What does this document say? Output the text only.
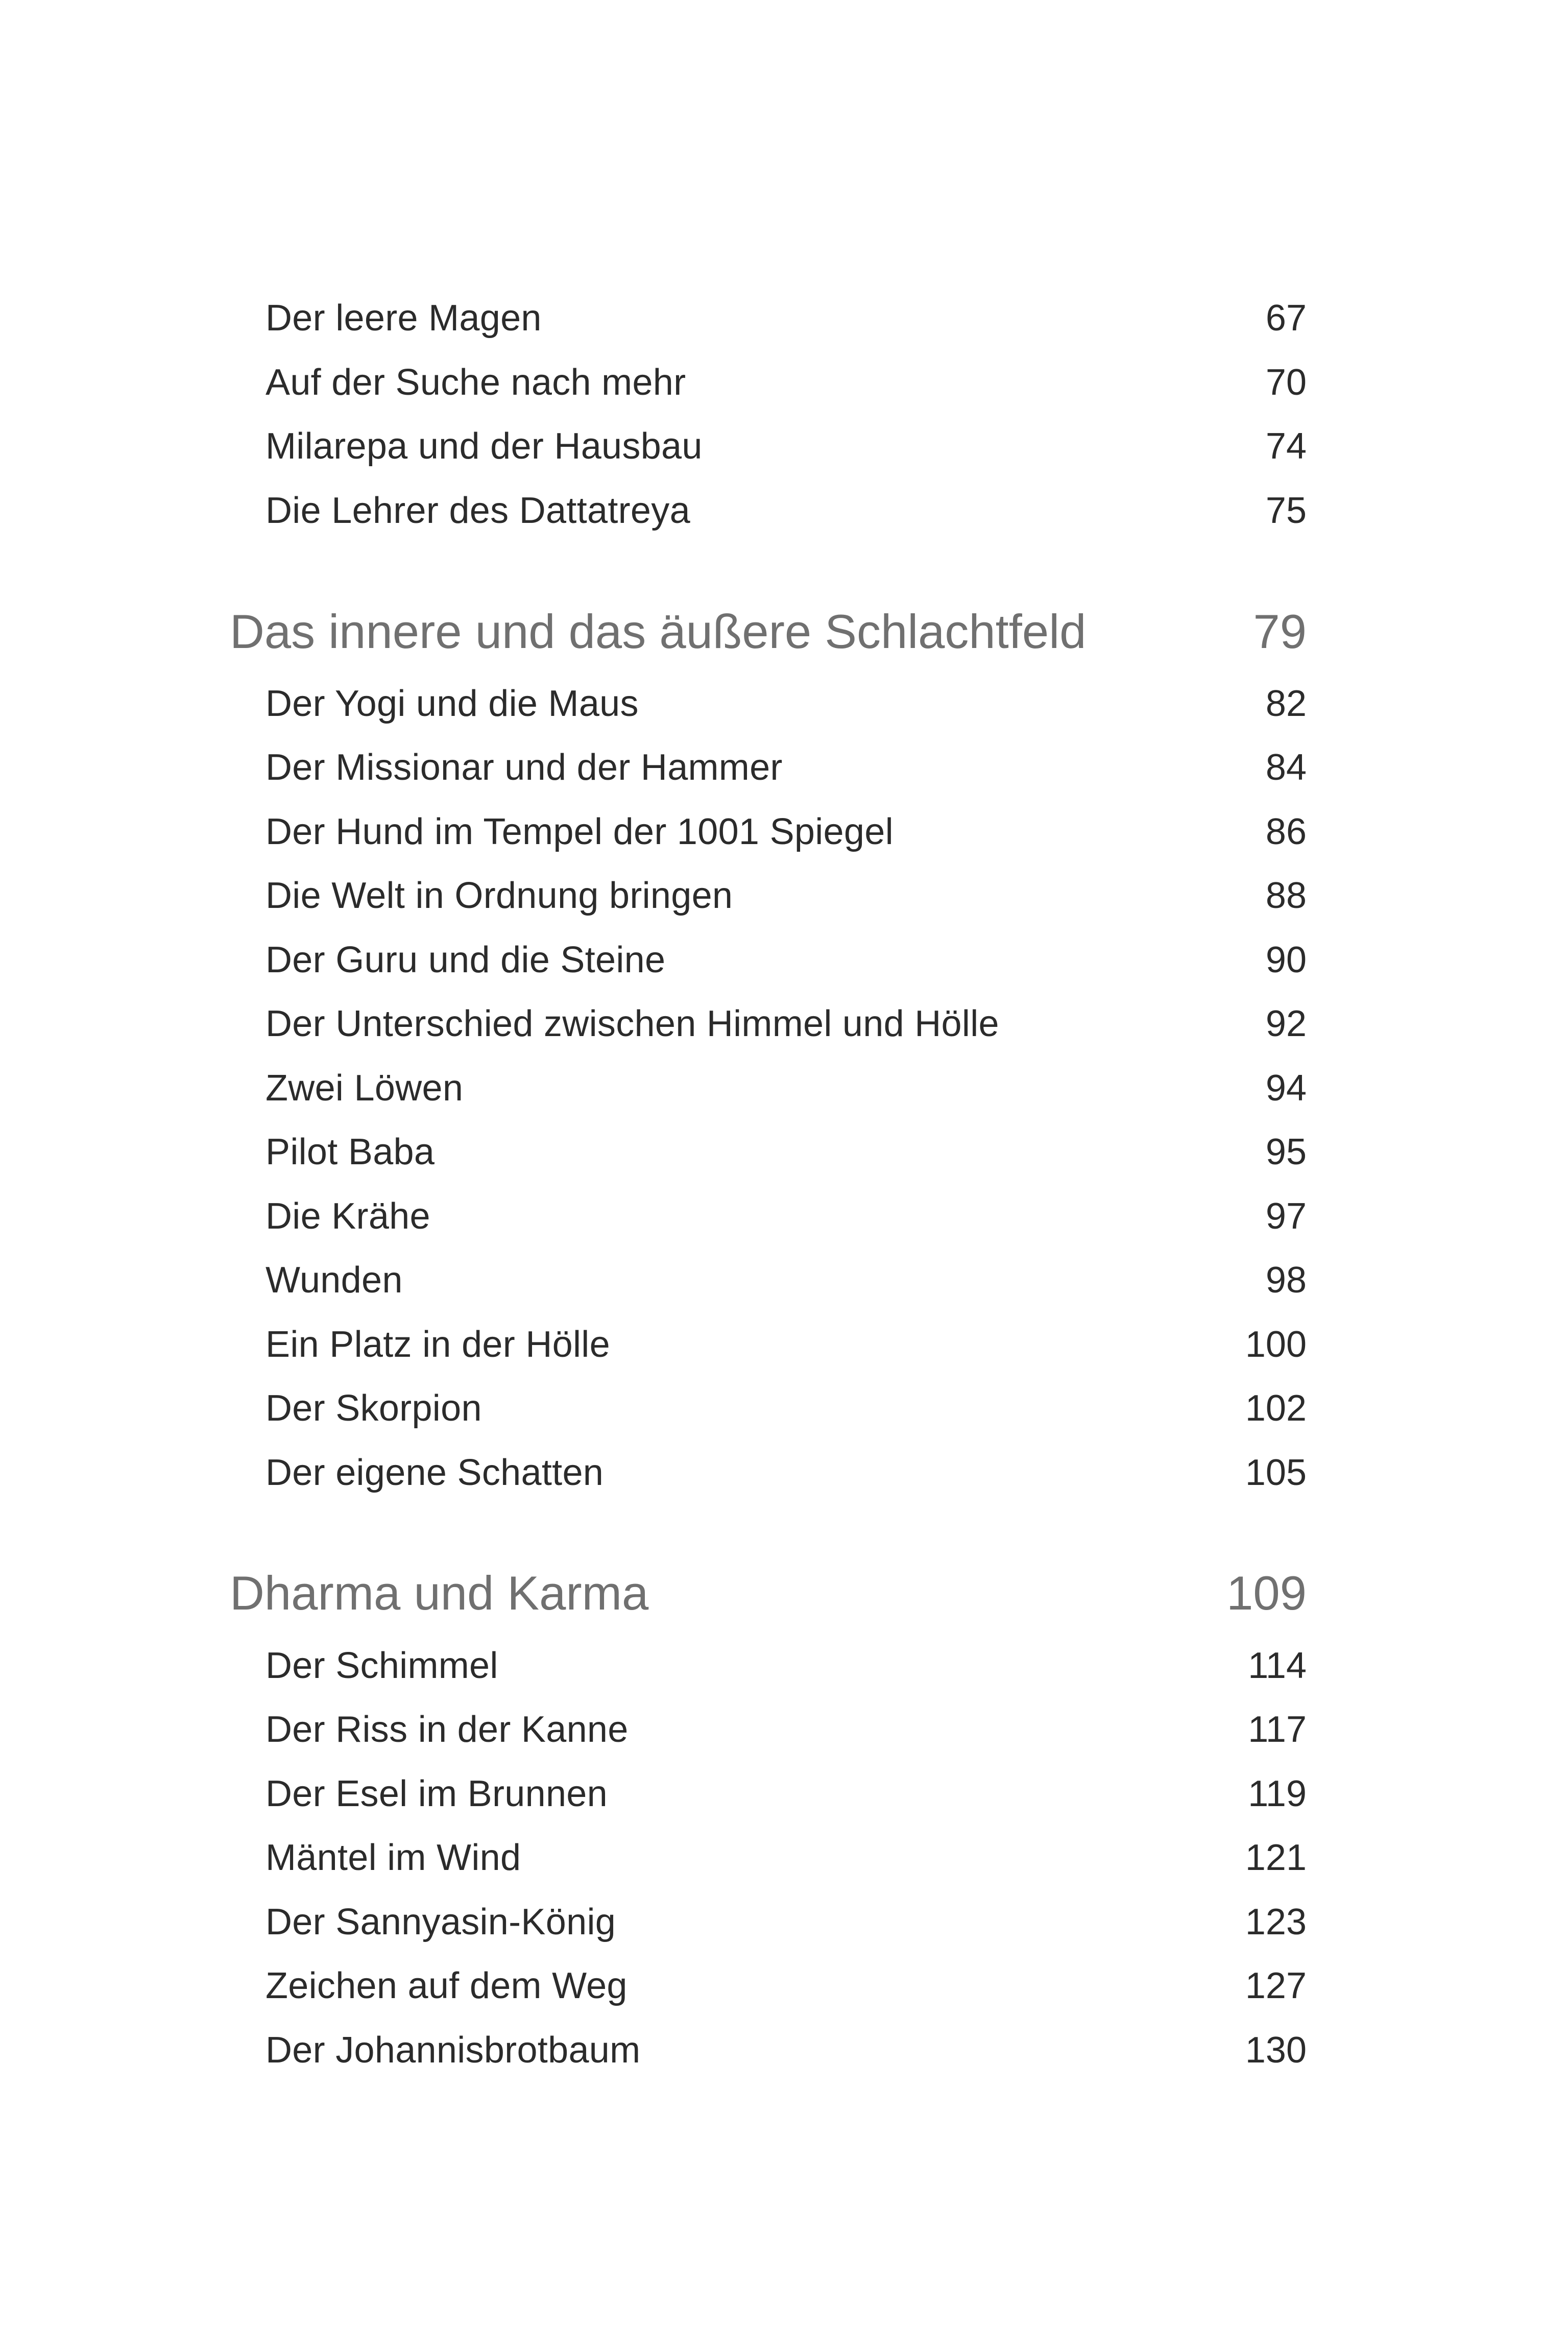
Der leere Magen	67
Auf der Suche nach mehr	70
Milarepa und der Hausbau	74
Die Lehrer des Dattatreya	75
Das innere und das äußere Schlachtfeld	79
Der Yogi und die Maus	82
Der Missionar und der Hammer	84
Der Hund im Tempel der 1001 Spiegel	86
Die Welt in Ordnung bringen	88
Der Guru und die Steine	90
Der Unterschied zwischen Himmel und Hölle	92
Zwei Löwen	94
Pilot Baba	95
Die Krähe	97
Wunden	98
Ein Platz in der Hölle	100
Der Skorpion	102
Der eigene Schatten	105
Dharma und Karma	109
Der Schimmel	114
Der Riss in der Kanne	117
Der Esel im Brunnen	119
Mäntel im Wind	121
Der Sannyasin-König	123
Zeichen auf dem Weg	127
Der Johannisbrotbaum	130
